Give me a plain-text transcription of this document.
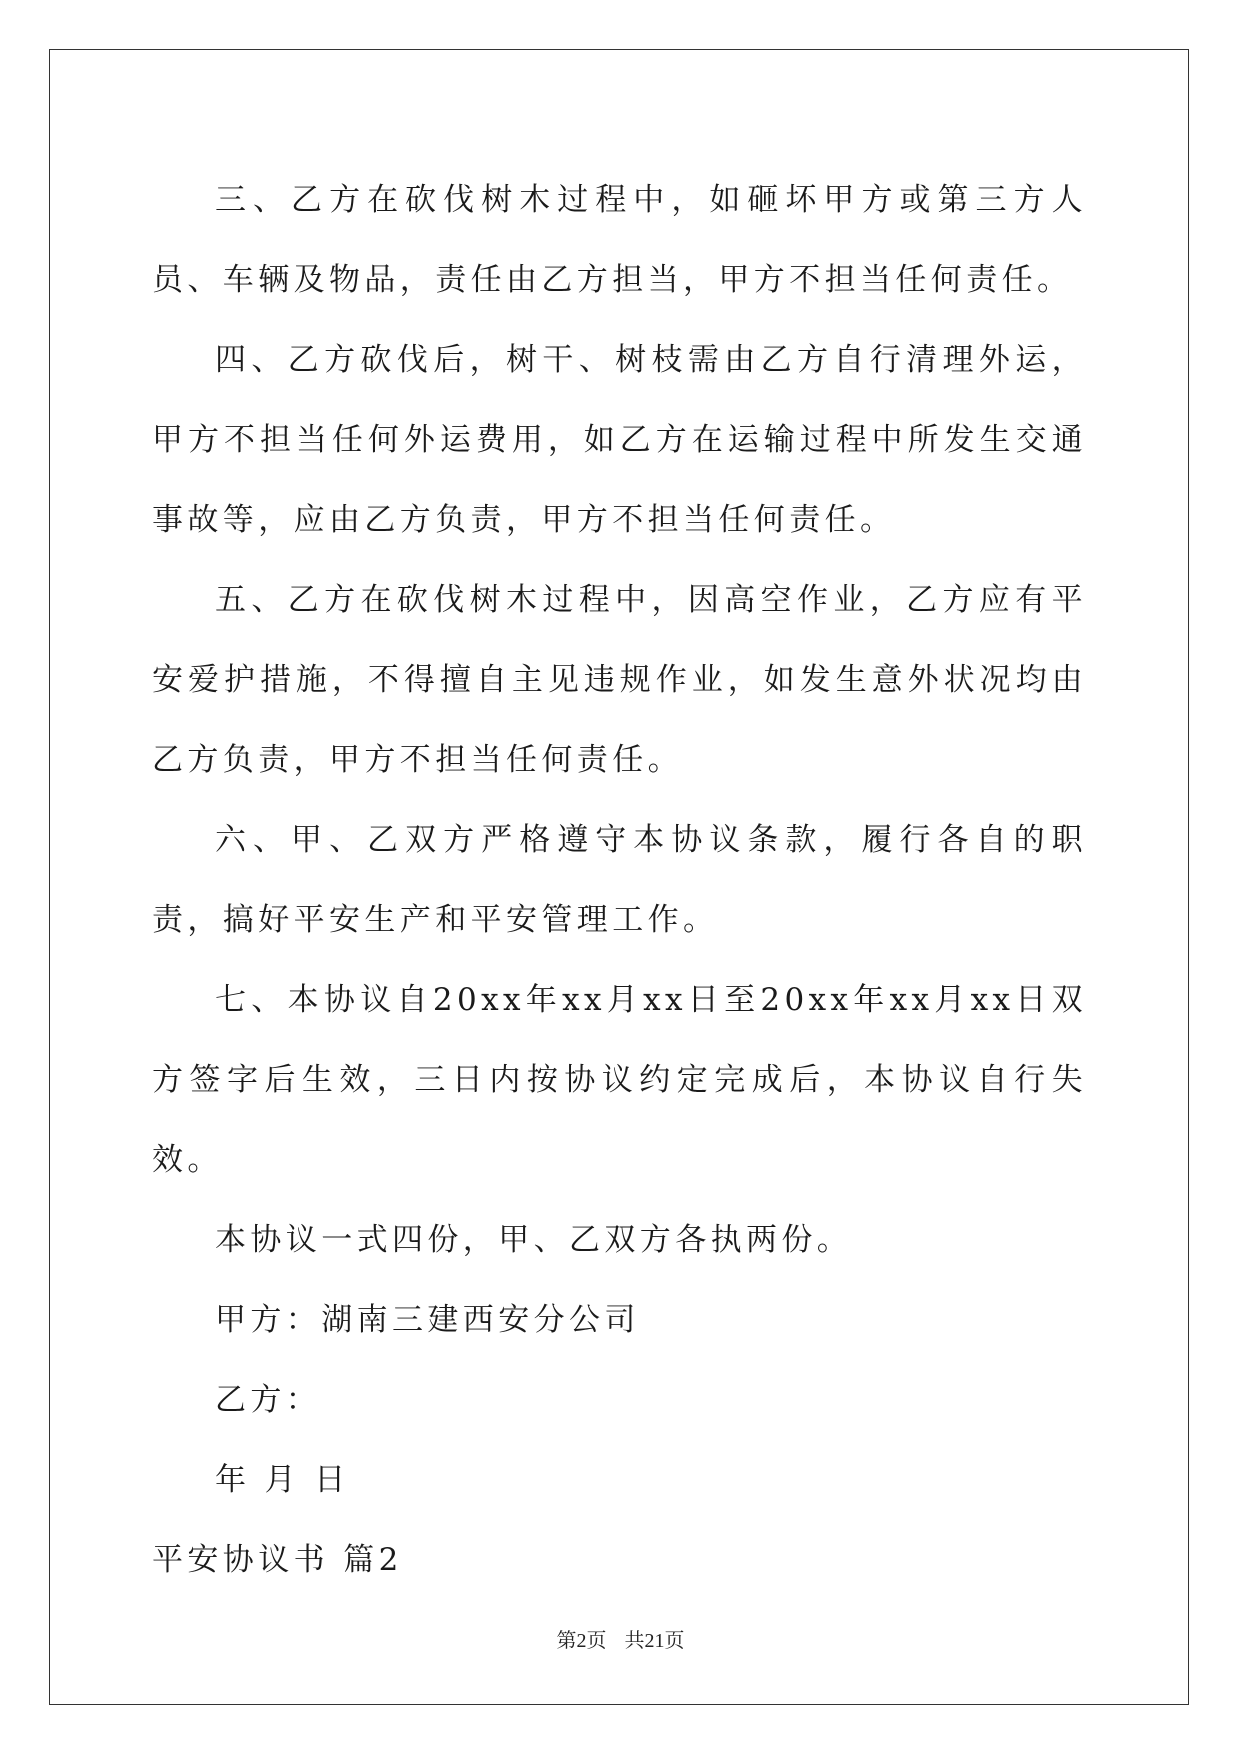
三、乙方在砍伐树木过程中，如砸坏甲方或第三方人员、车辆及物品，责任由乙方担当，甲方不担当任何责任。

四、乙方砍伐后，树干、树枝需由乙方自行清理外运，甲方不担当任何外运费用，如乙方在运输过程中所发生交通事故等，应由乙方负责，甲方不担当任何责任。

五、乙方在砍伐树木过程中，因高空作业，乙方应有平安爱护措施，不得擅自主见违规作业，如发生意外状况均由乙方负责，甲方不担当任何责任。

六、甲、乙双方严格遵守本协议条款，履行各自的职责，搞好平安生产和平安管理工作。

七、本协议自20xx年xx月xx日至20xx年xx月xx日双方签字后生效，三日内按协议约定完成后，本协议自行失效。

本协议一式四份，甲、乙双方各执两份。

甲方：湖南三建西安分公司

乙方：

年 月 日

平安协议书 篇2

第2页 共21页
